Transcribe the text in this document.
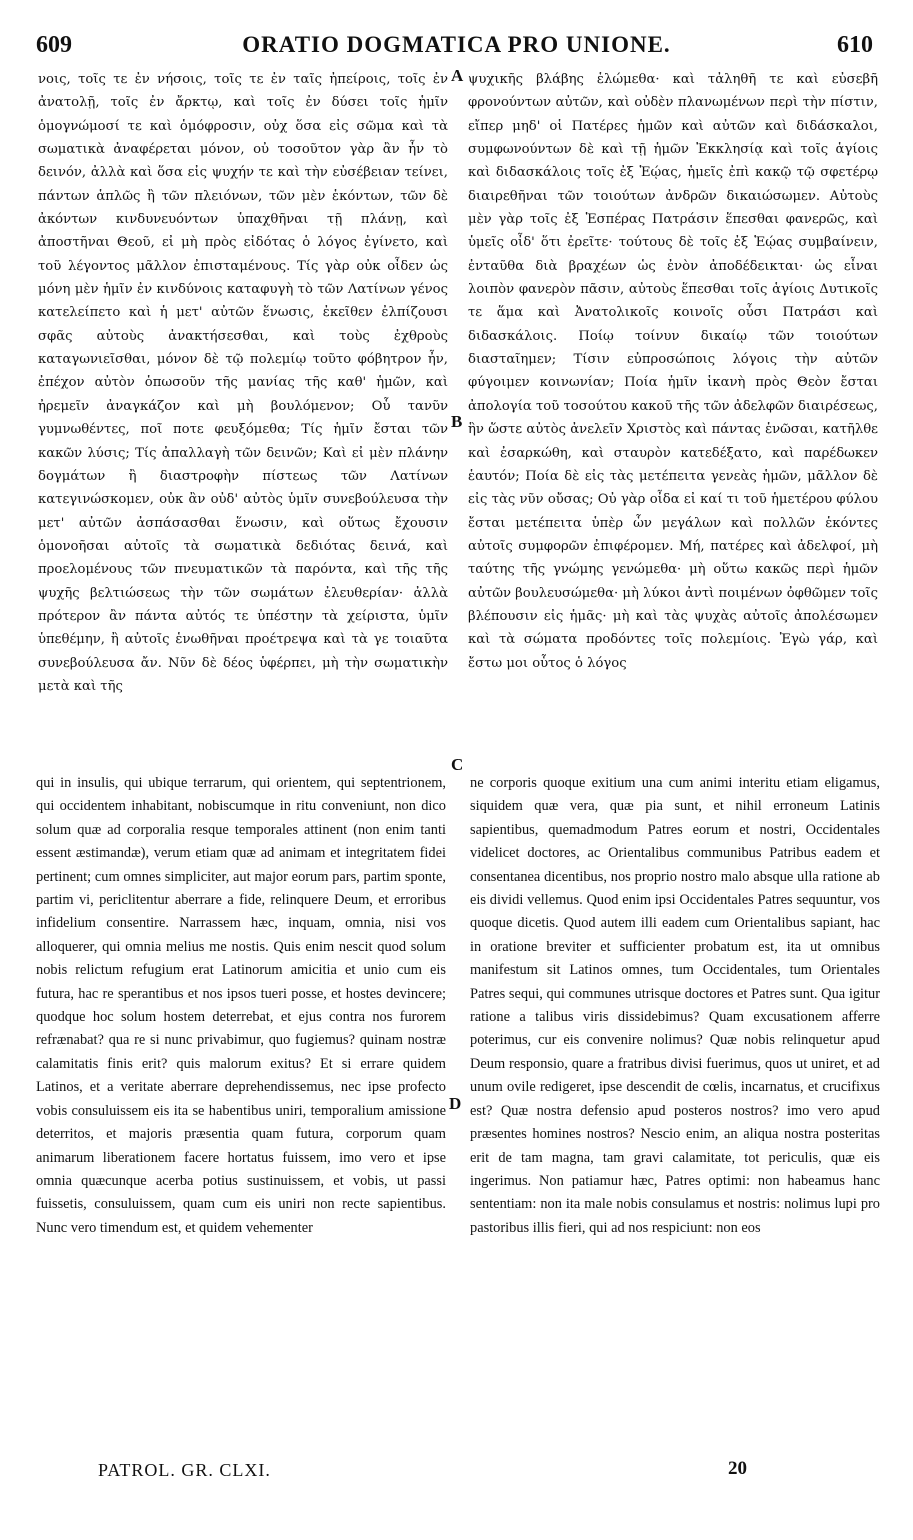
609	ORATIO DOGMATICA PRO UNIONE.	610

νοις, τοῖς τε ἐν νήσοις, τοῖς τε ἐν ταῖς ἠπείροις, τοῖς ἐν ἀνατολῇ, τοῖς ἐν ἄρκτῳ, καὶ τοῖς ἐν δύσει τοῖς ἡμῖν ὁμογνώμοσί τε καὶ ὁμόφροσιν, οὐχ ὅσα εἰς σῶμα καὶ τὰ σωματικὰ ἀναφέρεται μόνον, οὐ τοσοῦτον γὰρ ἂν ἦν τὸ δεινόν, ἀλλὰ καὶ ὅσα εἰς ψυχήν τε καὶ τὴν εὐσέβειαν τείνει, πάντων ἁπλῶς ἢ τῶν πλειόνων, τῶν μὲν ἑκόντων, τῶν δὲ ἀκόντων κινδυνευόντων ὑπαχθῆναι τῇ πλάνῃ, καὶ ἀποστῆναι Θεοῦ, εἰ μὴ πρὸς εἰδότας ὁ λόγος ἐγίνετο, καὶ τοῦ λέγοντος μᾶλλον ἐπισταμένους. Τίς γὰρ οὐκ οἶδεν ὡς μόνη μὲν ἡμῖν ἐν κινδύνοις καταφυγὴ τὸ τῶν Λατίνων γένος κατελείπετο καὶ ἡ μετ' αὐτῶν ἕνωσις, ἐκεῖθεν ἐλπίζουσι σφᾶς αὐτοὺς ἀνακτήσεσθαι, καὶ τοὺς ἐχθροὺς καταγωνιεῖσθαι, μόνον δὲ τῷ πολεμίῳ τοῦτο φόβητρον ἦν, ἐπέχον αὐτὸν ὁπωσοῦν τῆς μανίας τῆς καθ' ἡμῶν, καὶ ἠρεμεῖν ἀναγκάζον καὶ μὴ βουλόμενον; Οὗ τανῦν γυμνωθέντες, ποῖ ποτε φευξόμεθα; Τίς ἡμῖν ἔσται τῶν κακῶν λύσις; Τίς ἀπαλλαγὴ τῶν δεινῶν; Καὶ εἰ μὲν πλάνην δογμάτων ἢ διαστροφὴν πίστεως τῶν Λατίνων κατεγινώσκομεν, οὐκ ἂν οὐδ' αὐτὸς ὑμῖν συνεβούλευσα τὴν μετ' αὐτῶν ἀσπάσασθαι ἕνωσιν, καὶ οὕτως ἔχουσιν ὁμονοῆσαι αὐτοῖς τὰ σωματικὰ δεδιότας δεινά, καὶ προελομένους τῶν πνευματικῶν τὰ παρόντα, καὶ τῆς τῆς ψυχῆς βελτιώσεως τὴν τῶν σωμάτων ἐλευθερίαν· ἀλλὰ πρότερον ἂν πάντα αὐτός τε ὑπέστην τὰ χείριστα, ὑμῖν ὑπεθέμην, ἢ αὐτοῖς ἑνωθῆναι προέτρεψα καὶ τὰ γε τοιαῦτα συνεβούλευσα ἄν. Νῦν δὲ δέος ὑφέρπει, μὴ τὴν σωματικὴν μετὰ καὶ τῆς

ψυχικῆς βλάβης ἑλώμεθα· καὶ τἀληθῆ τε καὶ εὐσεβῆ φρονούντων αὐτῶν, καὶ οὐδὲν πλανωμένων περὶ τὴν πίστιν, εἴπερ μηδ' οἱ Πατέρες ἡμῶν καὶ αὐτῶν καὶ διδάσκαλοι, συμφωνούντων δὲ καὶ τῇ ἡμῶν Ἐκκλησίᾳ καὶ τοῖς ἁγίοις καὶ διδασκάλοις τοῖς ἐξ Ἑῴας, ἡμεῖς ἐπὶ κακῷ τῷ σφετέρῳ διαιρεθῆναι τῶν τοιούτων ἀνδρῶν δικαιώσωμεν. Αὐτοὺς μὲν γὰρ τοῖς ἐξ Ἑσπέρας Πατράσιν ἕπεσθαι φανερῶς, καὶ ὑμεῖς οἶδ' ὅτι ἐρεῖτε· τούτους δὲ τοῖς ἐξ Ἑῴας συμβαίνειν, ἐνταῦθα διὰ βραχέων ὡς ἐνὸν ἀποδέδεικται· ὡς εἶναι λοιπὸν φανερὸν πᾶσιν, αὐτοὺς ἕπεσθαι τοῖς ἁγίοις Δυτικοῖς τε ἅμα καὶ Ἀνατολικοῖς κοινοῖς οὖσι Πατράσι καὶ διδασκάλοις. Ποίῳ τοίνυν δικαίῳ τῶν τοιούτων διασταῖημεν; Τίσιν εὐπροσώποις λόγοις τὴν αὐτῶν φύγοιμεν κοινωνίαν; Ποία ἡμῖν ἱκανὴ πρὸς Θεὸν ἔσται ἀπολογία τοῦ τοσούτου κακοῦ τῆς τῶν ἀδελφῶν διαιρέσεως, ἣν ὥστε αὐτὸς ἀνελεῖν Χριστὸς καὶ πάντας ἑνῶσαι, κατῆλθε καὶ ἐσαρκώθη, καὶ σταυρὸν κατεδέξατο, καὶ παρέδωκεν ἑαυτόν; Ποία δὲ εἰς τὰς μετέπειτα γενεὰς ἡμῶν, μᾶλλον δὲ εἰς τὰς νῦν οὔσας; Οὐ γὰρ οἶδα εἰ καί τι τοῦ ἡμετέρου φύλου ἔσται μετέπειτα ὑπὲρ ὧν μεγάλων καὶ πολλῶν ἑκόντες αὐτοῖς συμφορῶν ἐπιφέρομεν. Μή, πατέρες καὶ ἀδελφοί, μὴ ταύτης τῆς γνώμης γενώμεθα· μὴ οὕτω κακῶς περὶ ἡμῶν αὐτῶν βουλευσώμεθα· μὴ λύκοι ἀντὶ ποιμένων ὀφθῶμεν τοῖς βλέπουσιν εἰς ἡμᾶς· μὴ καὶ τὰς ψυχὰς αὐτοῖς ἀπολέσωμεν καὶ τὰ σώματα προδόντες τοῖς πολεμίοις. Ἐγὼ γάρ, καὶ ἔστω μοι οὗτος ὁ λόγος

A
B
C
D

qui in insulis, qui ubique terrarum, qui orientem, qui septentrionem, qui occidentem inhabitant, nobiscumque in ritu conveniunt, non dico solum quæ ad corporalia resque temporales attinent (non enim tanti essent æstimandæ), verum etiam quæ ad animam et integritatem fidei pertinent; cum omnes simpliciter, aut major eorum pars, partim sponte, partim vi, periclitentur aberrare a fide, relinquere Deum, et erroribus infidelium consentire. Narrassem hæc, inquam, omnia, nisi vos alloquerer, qui omnia melius me nostis. Quis enim nescit quod solum nobis relictum refugium erat Latinorum amicitia et unio cum eis futura, hac re sperantibus et nos ipsos tueri posse, et hostes devincere; quodque hoc solum hostem deterrebat, et ejus contra nos furorem refrænabat? qua re si nunc privabimur, quo fugiemus? quinam nostræ calamitatis finis erit? quis malorum exitus? Et si errare quidem Latinos, et a veritate aberrare deprehendissemus, nec ipse profecto vobis consuluissem eis ita se habentibus uniri, temporalium amissione deterritos, et majoris præsentia quam futura, corporum quam animarum liberationem facere hortatus fuissem, imo vero et ipse omnia quæcunque acerba potius sustinuissem, et vobis, ut passi fuissetis, consuluissem, quam cum eis uniri non recte sapientibus. Nunc vero timendum est, et quidem vehementer

ne corporis quoque exitium una cum animi interitu etiam eligamus, siquidem quæ vera, quæ pia sunt, et nihil erroneum Latinis sapientibus, quemadmodum Patres eorum et nostri, Occidentales videlicet doctores, ac Orientalibus communibus Patribus eadem et consentanea dicentibus, nos proprio nostro malo absque ulla ratione ab eis dividi vellemus. Quod enim ipsi Occidentales Patres sequuntur, vos quoque dicetis. Quod autem illi eadem cum Orientalibus sapiant, hac in oratione breviter et sufficienter probatum est, ita ut omnibus manifestum sit Latinos omnes, tum Occidentales, tum Orientales Patres sequi, qui communes utrisque doctores et Patres sunt. Qua igitur ratione a talibus viris dissidebimus? Quam excusationem afferre poterimus, cur eis convenire nolimus? Quæ nobis relinquetur apud Deum responsio, quare a fratribus divisi fuerimus, quos ut uniret, et ad unum ovile redigeret, ipse descendit de cœlis, incarnatus, et crucifixus est? Quæ nostra defensio apud posteros nostros? imo vero apud præsentes homines nostros? Nescio enim, an aliqua nostra posteritas erit de tam magna, tam gravi calamitate, tot periculis, quæ eis ingerimus. Non patiamur hæc, Patres optimi: non habeamus hanc sententiam: non ita male nobis consulamus et nostris: nolimus lupi pro pastoribus illis fieri, qui ad nos respiciunt: non eos

PATROL. GR. CLXI.	20
